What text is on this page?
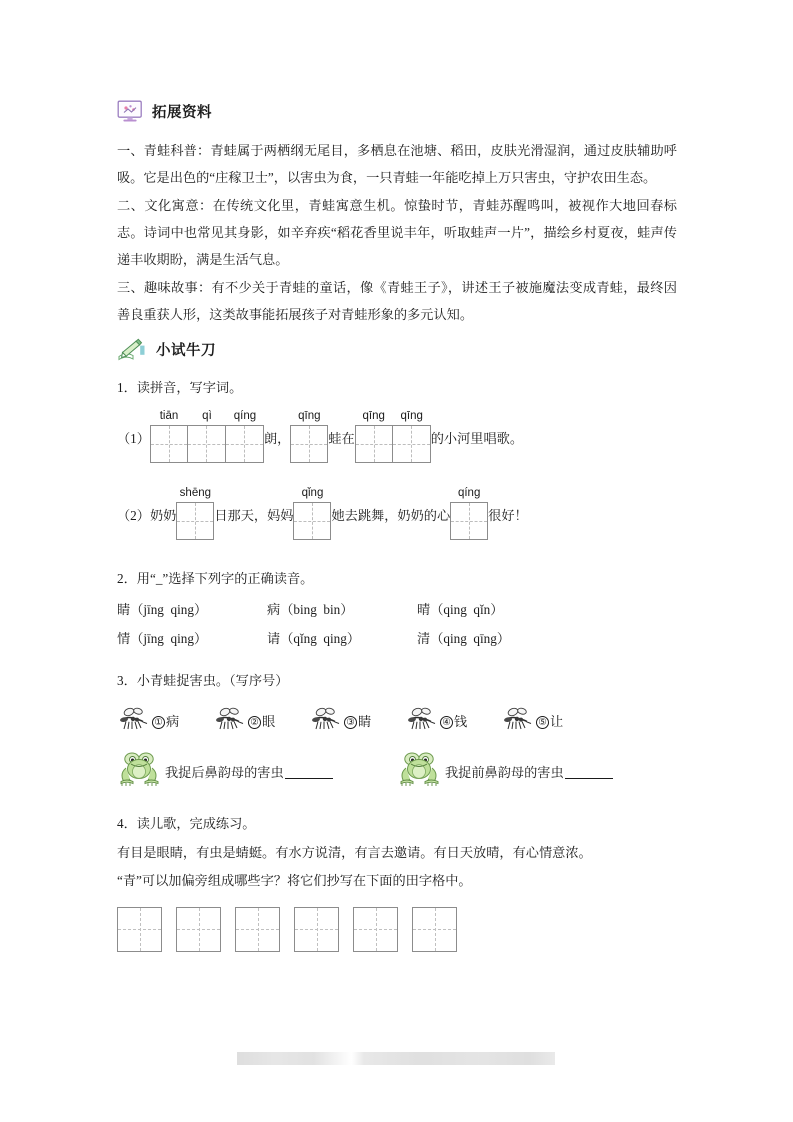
拓展资料

一、青蛙科普：青蛙属于两栖纲无尾目，多栖息在池塘、稻田，皮肤光滑湿润，通过皮肤辅助呼吸。它是出色的“庄稼卫士”，以害虫为食，一只青蛙一年能吃掉上万只害虫，守护农田生态。

二、文化寓意：在传统文化里，青蛙寓意生机。惊蛰时节，青蛙苏醒鸣叫，被视作大地回春标志。诗词中也常见其身影，如辛弃疾“稻花香里说丰年，听取蛙声一片”，描绘乡村夏夜，蛙声传递丰收期盼，满是生活气息。

三、趣味故事：有不少关于青蛙的童话，像《青蛙王子》，讲述王子被施魔法变成青蛙，最终因善良重获人形，这类故事能拓展孩子对青蛙形象的多元认知。

小试牛刀
1．读拼音，写字词。
（1）
tiān	qì	qíng
朗，
qīng
蛙在
qīng	qīng
的小河里唱歌。
（2）奶奶
shēng
日那天，妈妈
qǐng
她去跳舞，奶奶的心
qíng
很好！
2．用“_”选择下列字的正确读音。
睛（jīng qing）	病（bing bin）	晴（qing qǐn）
情（jīng qing）	请（qǐng qing）	清（qing qīng）
3．小青蛙捉害虫。（写序号）
① 病	② 眼	③ 睛	④ 钱	⑤ 让
我捉后鼻韵母的害虫	我捉前鼻韵母的害虫
4．读儿歌，完成练习。
有目是眼睛，有虫是蜻蜓。有水方说清，有言去邀请。有日天放晴，有心情意浓。
“青”可以加偏旁组成哪些字？将它们抄写在下面的田字格中。
